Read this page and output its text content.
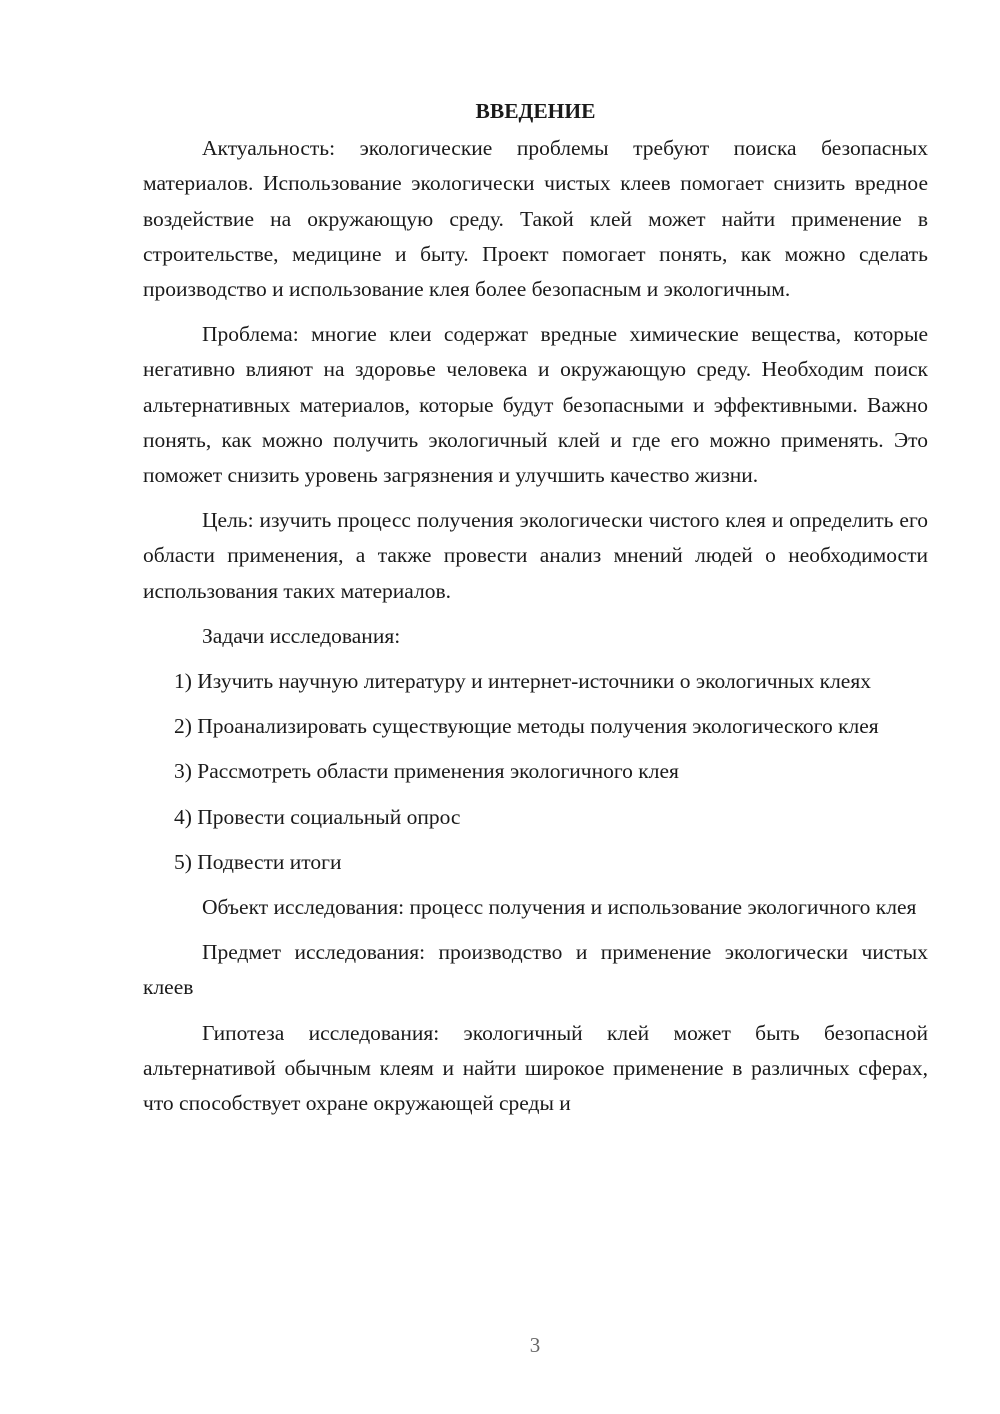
ВВЕДЕНИЕ

Актуальность: экологические проблемы требуют поиска безопасных материалов. Использование экологически чистых клеев помогает снизить вредное воздействие на окружающую среду. Такой клей может найти применение в строительстве, медицине и быту. Проект помогает понять, как можно сделать производство и использование клея более безопасным и экологичным.

Проблема: многие клеи содержат вредные химические вещества, которые негативно влияют на здоровье человека и окружающую среду. Необходим поиск альтернативных материалов, которые будут безопасными и эффективными. Важно понять, как можно получить экологичный клей и где его можно применять. Это поможет снизить уровень загрязнения и улучшить качество жизни.

Цель: изучить процесс получения экологически чистого клея и определить его области применения, а также провести анализ мнений людей о необходимости использования таких материалов.

Задачи исследования:

1) Изучить научную литературу и интернет-источники о экологичных клеях

2) Проанализировать существующие методы получения экологического клея

3) Рассмотреть области применения экологичного клея

4) Провести социальный опрос

5) Подвести итоги

Объект исследования: процесс получения и использование экологичного клея

Предмет исследования: производство и применение экологически чистых клеев

Гипотеза исследования: экологичный клей может быть безопасной альтернативой обычным клеям и найти широкое применение в различных сферах, что способствует охране окружающей среды и

3
